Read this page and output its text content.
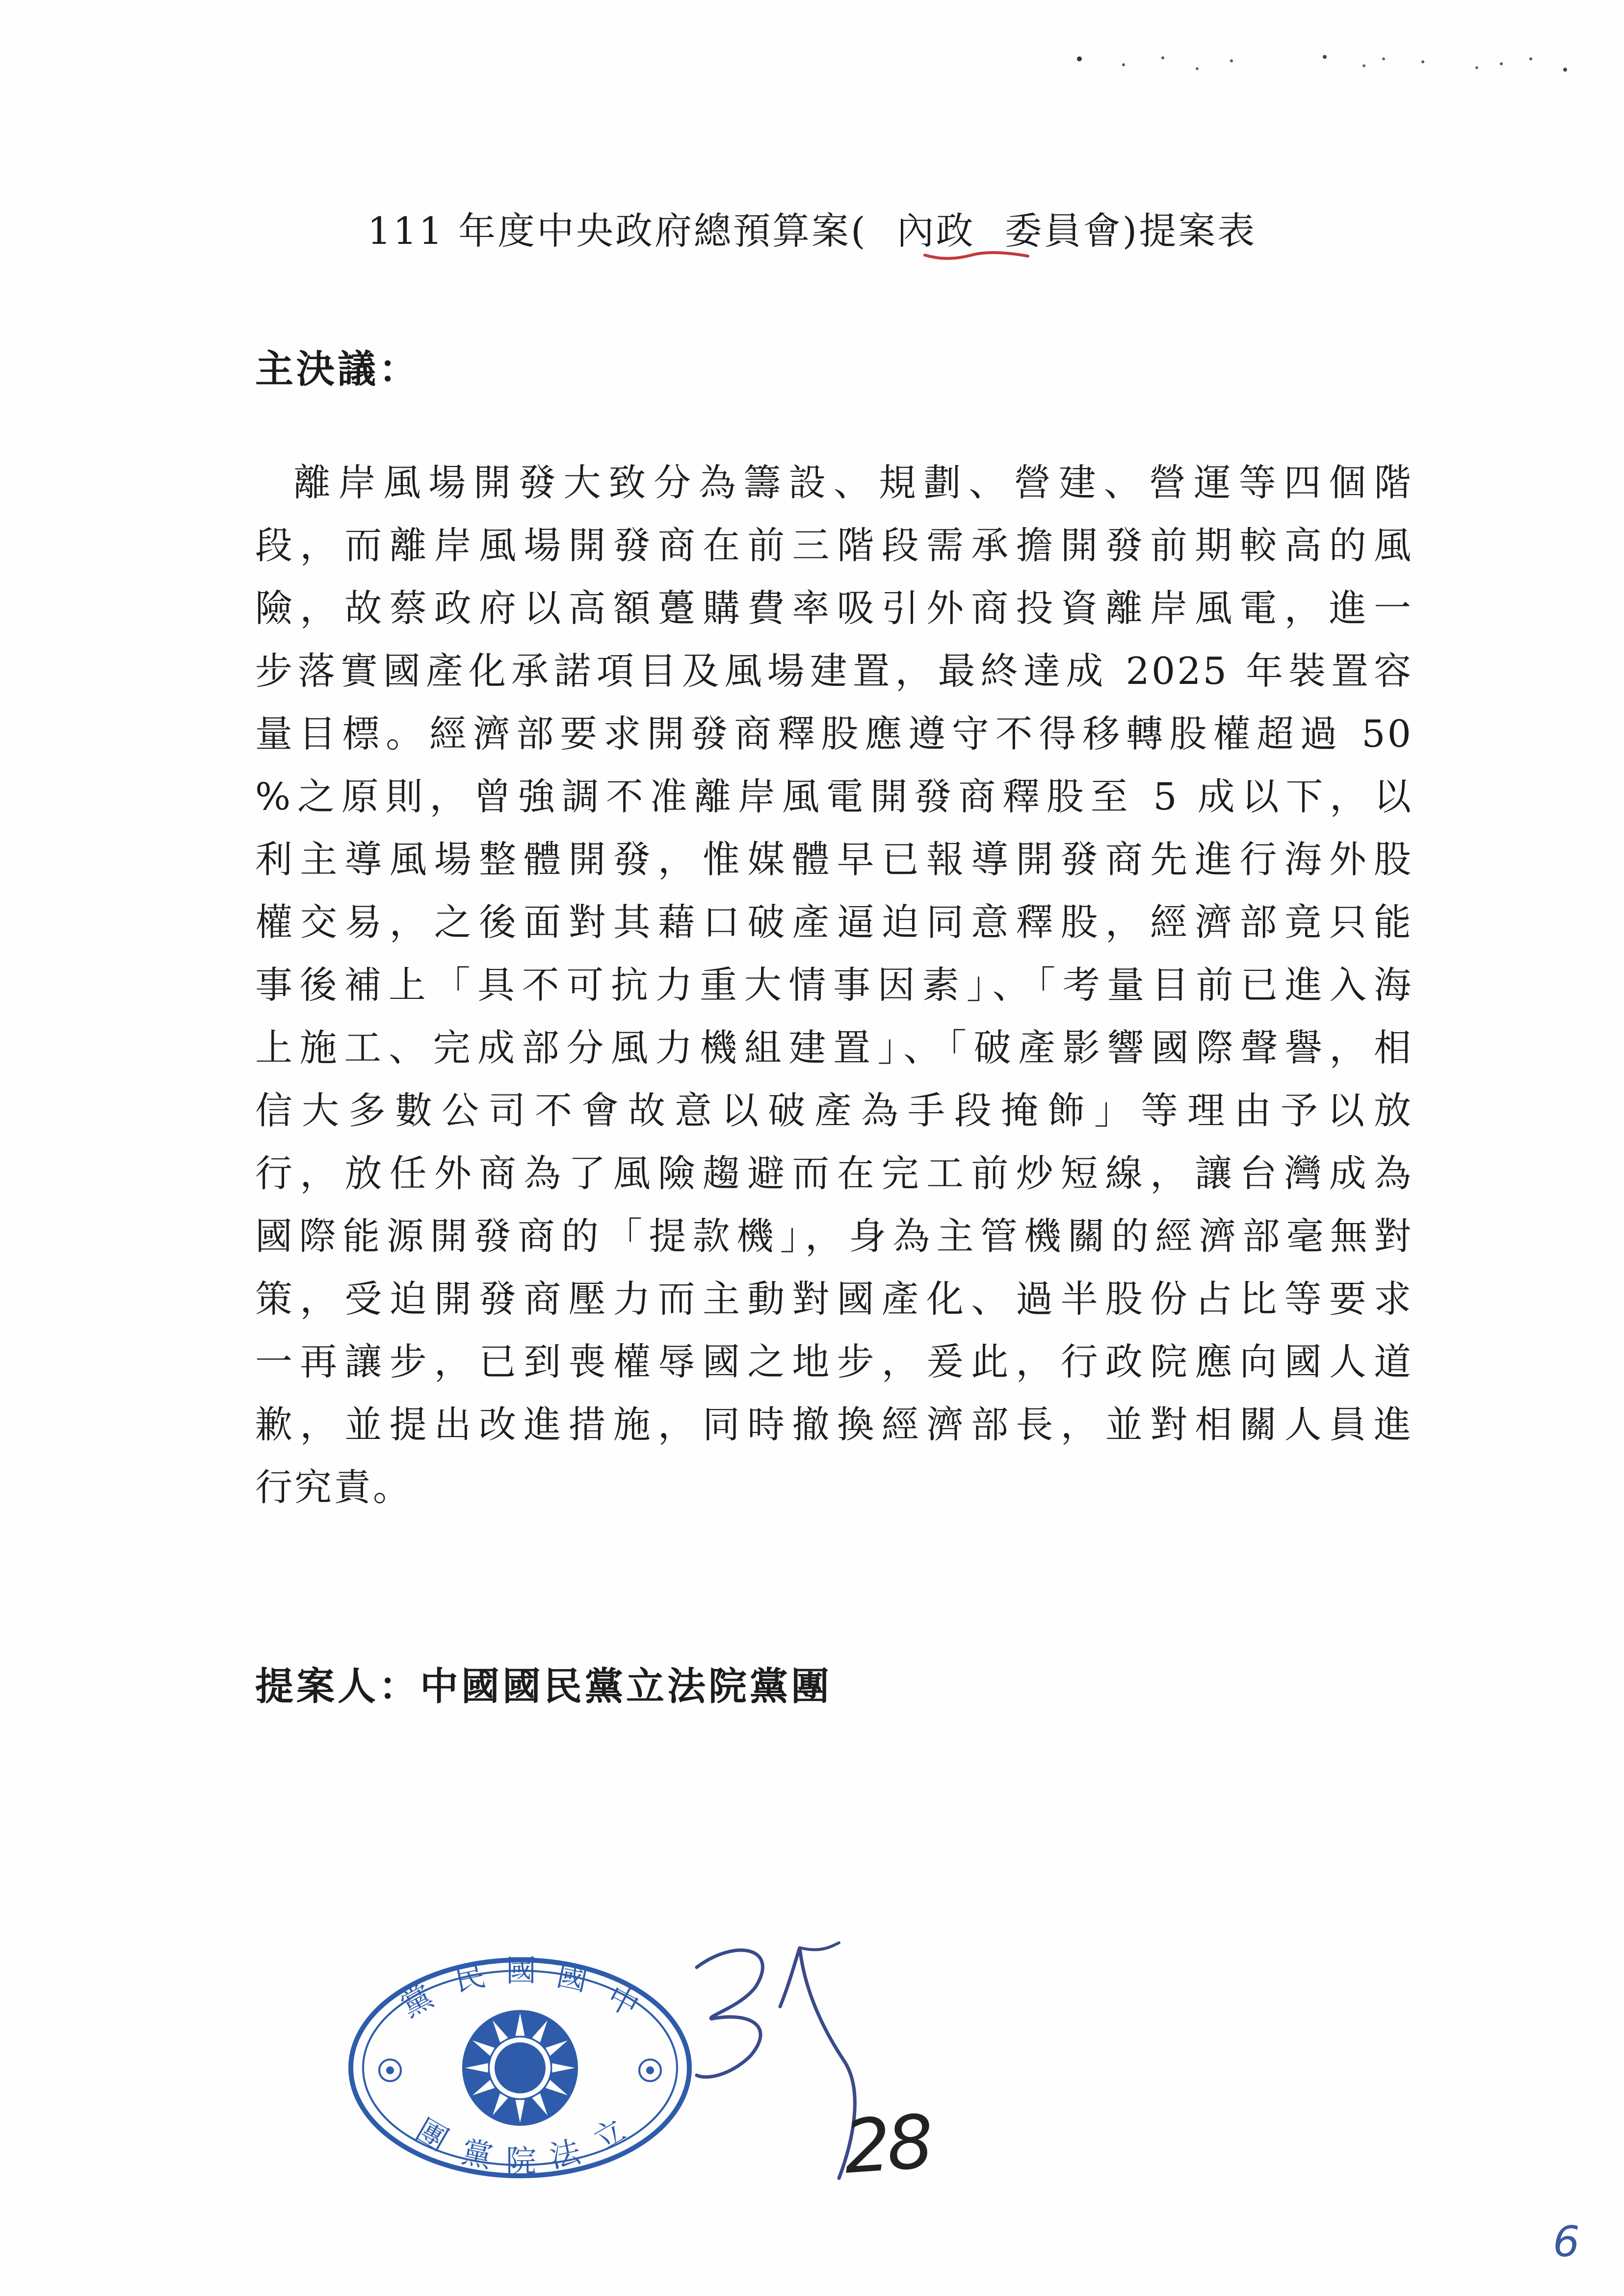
111 年度中央政府總預算案( 內政 委員會)提案表
主決議：
離岸風場開發大致分為籌設、規劃、營建、營運等四個階
段，而離岸風場開發商在前三階段需承擔開發前期較高的風
險，故蔡政府以高額躉購費率吸引外商投資離岸風電，進一
步落實國產化承諾項目及風場建置，最終達成 2025 年裝置容
量目標。經濟部要求開發商釋股應遵守不得移轉股權超過 50
%之原則，曾強調不准離岸風電開發商釋股至 5 成以下，以
利主導風場整體開發，惟媒體早已報導開發商先進行海外股
權交易，之後面對其藉口破產逼迫同意釋股，經濟部竟只能
事後補上「具不可抗力重大情事因素」、「考量目前已進入海
上施工、完成部分風力機組建置」、「破產影響國際聲譽，相
信大多數公司不會故意以破產為手段掩飾」等理由予以放
行，放任外商為了風險趨避而在完工前炒短線，讓台灣成為
國際能源開發商的「提款機」，身為主管機關的經濟部毫無對
策，受迫開發商壓力而主動對國產化、過半股份占比等要求
一再讓步，已到喪權辱國之地步，爰此，行政院應向國人道
歉，並提出改進措施，同時撤換經濟部長，並對相關人員進
行究責。
提案人：中國國民黨立法院黨團
黨
民 國 國
中
團 黨 院 法 立	28
6
